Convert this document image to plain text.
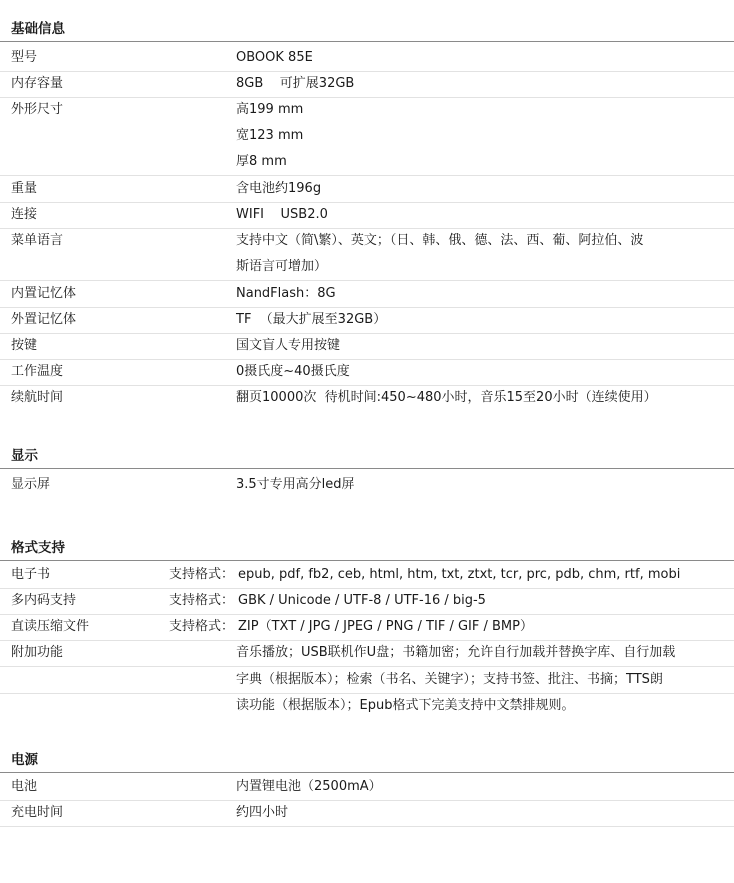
基础信息
型号	OBOOK 85E
内存容量	8GB    可扩展32GB
外形尺寸	高199 mm
宽123 mm
厚8 mm
重量	含电池约196g
连接	WIFI    USB2.0
菜单语言	支持中文（简\繁）、英文；（日、韩、俄、德、法、西、葡、阿拉伯、波
斯语言可增加）
内置记忆体	NandFlash：8G
外置记忆体	TF  （最大扩展至32GB）
按键	国文盲人专用按键
工作温度	0摄氏度~40摄氏度
续航时间	翻页10000次  待机时间:450~480小时，音乐15至20小时（连续使用）
显示
显示屏	3.5寸专用高分led屏
格式支持
电子书	支持格式： epub, pdf, fb2, ceb, html, htm, txt, ztxt, tcr, prc, pdb, chm, rtf, mobi
多内码支持	支持格式： GBK / Unicode / UTF-8 / UTF-16 / big-5
直读压缩文件	支持格式： ZIP（TXT / JPG / JPEG / PNG / TIF / GIF / BMP）
附加功能	音乐播放；USB联机作U盘；书籍加密；允许自行加载并替换字库、自行加载
字典（根据版本）；检索（书名、关键字）；支持书签、批注、书摘；TTS朗
读功能（根据版本）；Epub格式下完美支持中文禁排规则。
电源
电池	内置锂电池（2500mA）
充电时间	约四小时
